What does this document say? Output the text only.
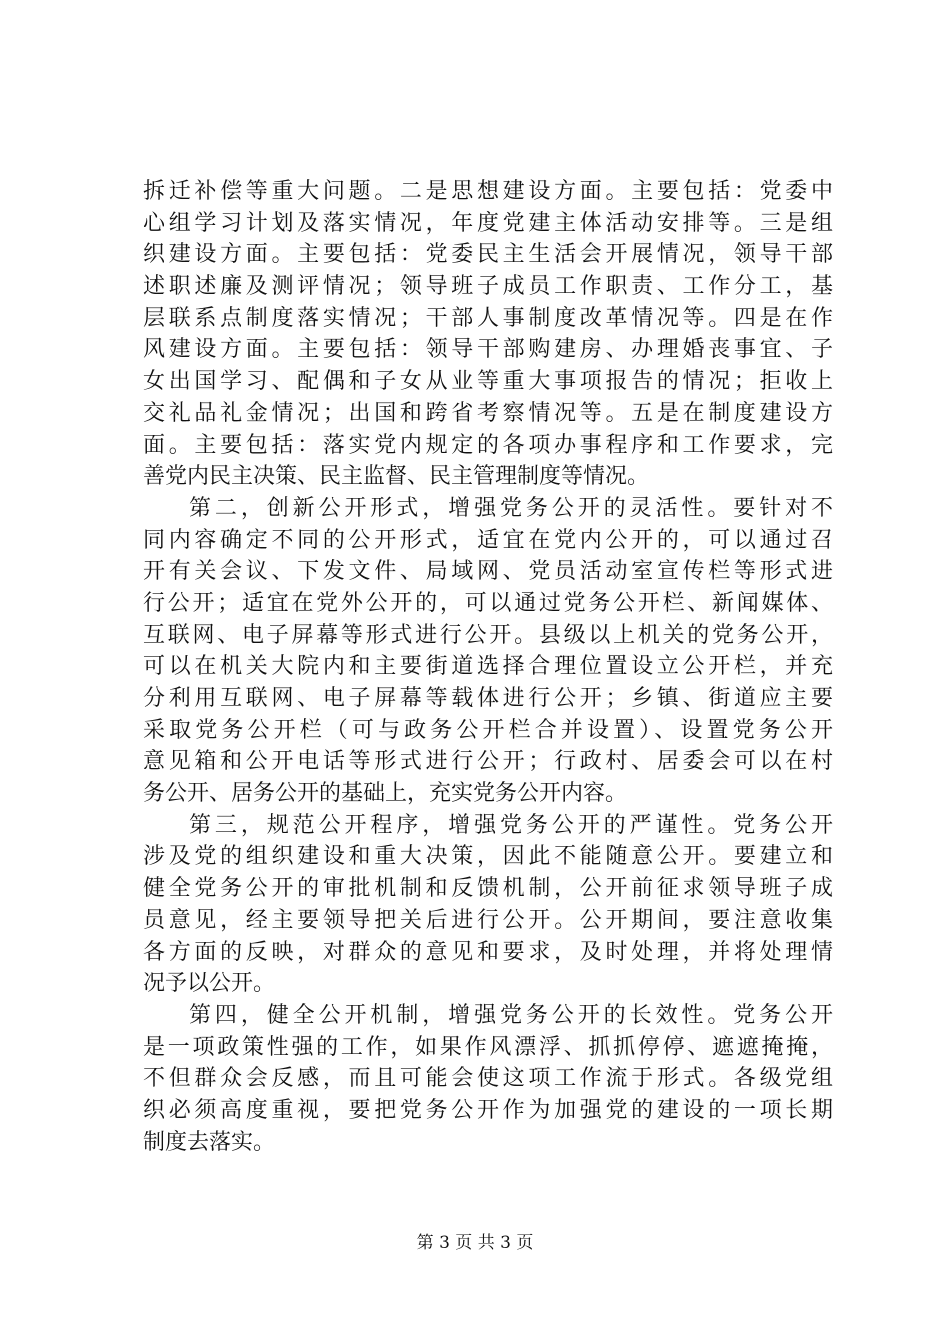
拆迁补偿等重大问题。二是思想建设方面。主要包括：党委中
心组学习计划及落实情况，年度党建主体活动安排等。三是组
织建设方面。主要包括：党委民主生活会开展情况，领导干部
述职述廉及测评情况；领导班子成员工作职责、工作分工，基
层联系点制度落实情况；干部人事制度改革情况等。四是在作
风建设方面。主要包括：领导干部购建房、办理婚丧事宜、子
女出国学习、配偶和子女从业等重大事项报告的情况；拒收上
交礼品礼金情况；出国和跨省考察情况等。五是在制度建设方
面。主要包括：落实党内规定的各项办事程序和工作要求，完
善党内民主决策、民主监督、民主管理制度等情况。
第二，创新公开形式，增强党务公开的灵活性。要针对不
同内容确定不同的公开形式，适宜在党内公开的，可以通过召
开有关会议、下发文件、局域网、党员活动室宣传栏等形式进
行公开；适宜在党外公开的，可以通过党务公开栏、新闻媒体、
互联网、电子屏幕等形式进行公开。县级以上机关的党务公开，
可以在机关大院内和主要街道选择合理位置设立公开栏，并充
分利用互联网、电子屏幕等载体进行公开；乡镇、街道应主要
采取党务公开栏（可与政务公开栏合并设置）、设置党务公开
意见箱和公开电话等形式进行公开；行政村、居委会可以在村
务公开、居务公开的基础上，充实党务公开内容。
第三，规范公开程序，增强党务公开的严谨性。党务公开
涉及党的组织建设和重大决策，因此不能随意公开。要建立和
健全党务公开的审批机制和反馈机制，公开前征求领导班子成
员意见，经主要领导把关后进行公开。公开期间，要注意收集
各方面的反映，对群众的意见和要求，及时处理，并将处理情
况予以公开。
第四，健全公开机制，增强党务公开的长效性。党务公开
是一项政策性强的工作，如果作风漂浮、抓抓停停、遮遮掩掩，
不但群众会反感，而且可能会使这项工作流于形式。各级党组
织必须高度重视，要把党务公开作为加强党的建设的一项长期
制度去落实。
第 3 页 共 3 页
